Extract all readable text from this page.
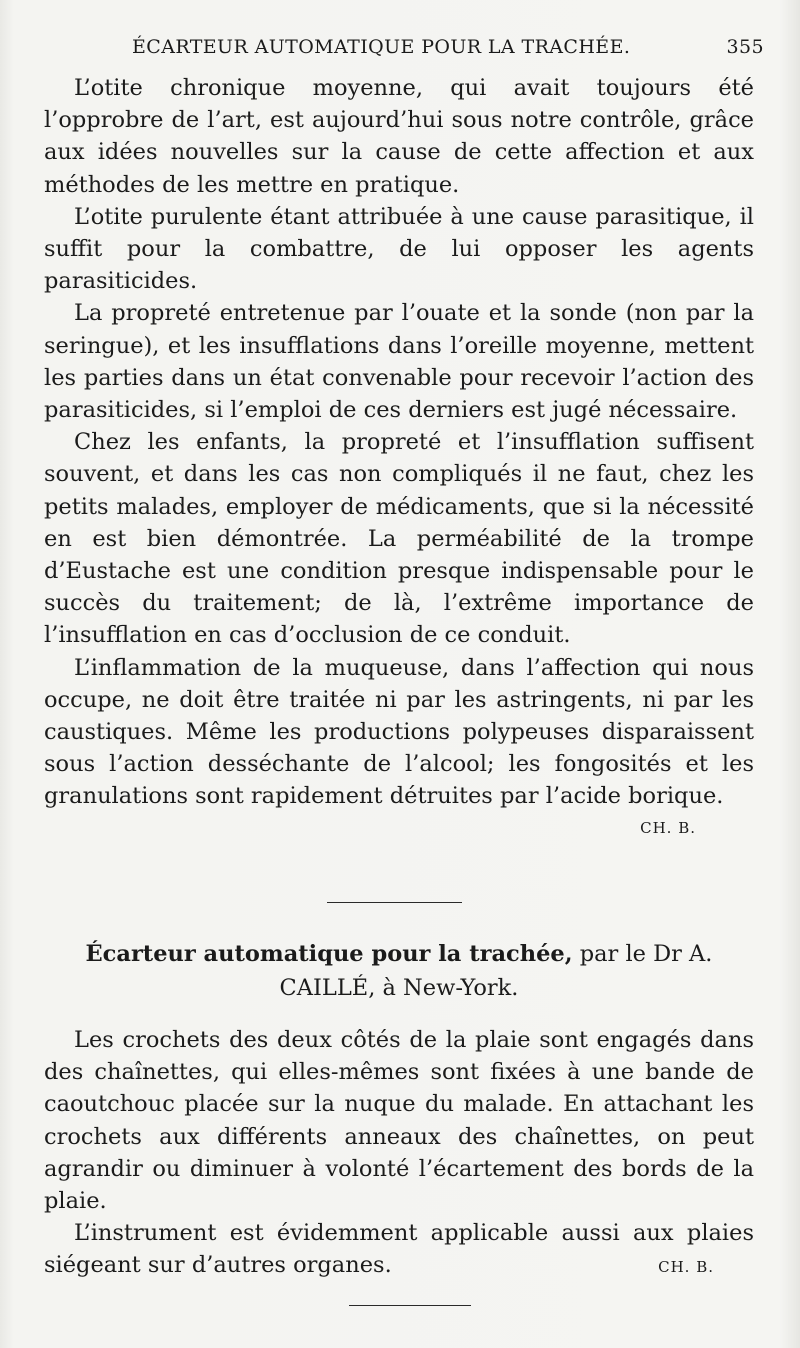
ÉCARTEUR AUTOMATIQUE POUR LA TRACHÉE.	355

L’otite chronique moyenne, qui avait toujours été l’opprobre de l’art, est aujourd’hui sous notre contrôle, grâce aux idées nouvelles sur la cause de cette affection et aux méthodes de les mettre en pratique.

L’otite purulente étant attribuée à une cause parasitique, il suffit pour la combattre, de lui opposer les agents parasiticides.

La propreté entretenue par l’ouate et la sonde (non par la seringue), et les insufflations dans l’oreille moyenne, mettent les parties dans un état convenable pour recevoir l’action des parasiticides, si l’emploi de ces derniers est jugé nécessaire.

Chez les enfants, la propreté et l’insufflation suffisent souvent, et dans les cas non compliqués il ne faut, chez les petits malades, employer de médicaments, que si la nécessité en est bien démontrée. La perméabilité de la trompe d’Eustache est une condition presque indispensable pour le succès du traitement; de là, l’extrême importance de l’insufflation en cas d’occlusion de ce conduit.

L’inflammation de la muqueuse, dans l’affection qui nous occupe, ne doit être traitée ni par les astringents, ni par les caustiques. Même les productions polypeuses disparaissent sous l’action desséchante de l’alcool; les fongosités et les granulations sont rapidement détruites par l’acide borique.

CH. B.
Écarteur automatique pour la trachée, par le Dr A.
CAILLÉ, à New-York.

Les crochets des deux côtés de la plaie sont engagés dans des chaînettes, qui elles-mêmes sont fixées à une bande de caoutchouc placée sur la nuque du malade. En attachant les crochets aux différents anneaux des chaînettes, on peut agrandir ou diminuer à volonté l’écartement des bords de la plaie.

L’instrument est évidemment applicable aussi aux plaies siégeant sur d’autres organes.	CH. B.
